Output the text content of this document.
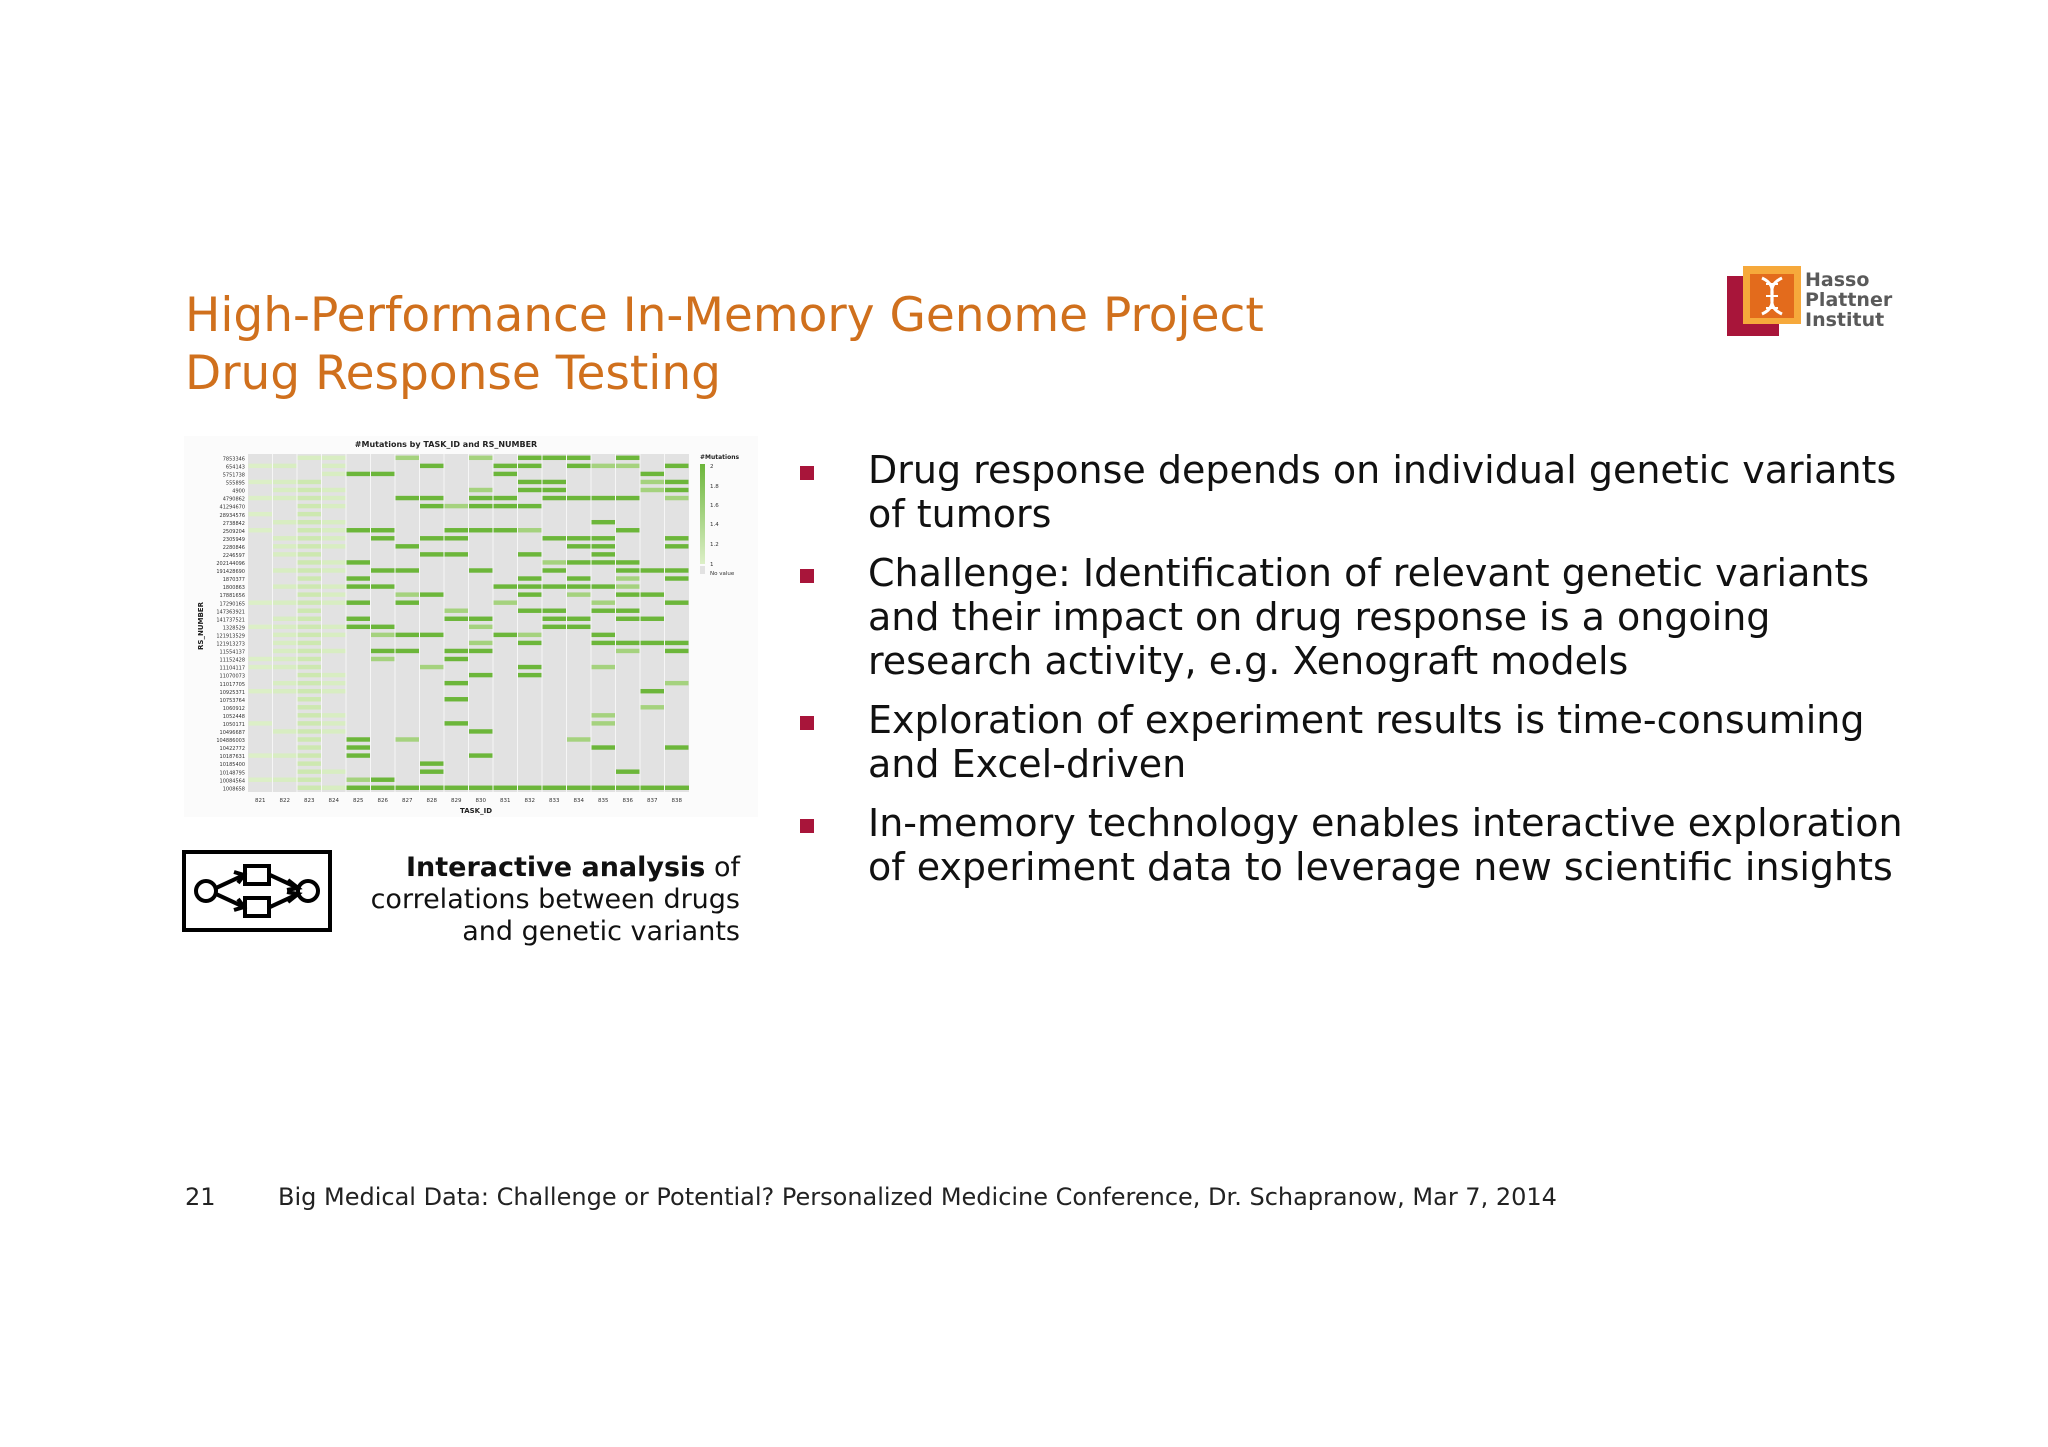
High-Performance In-Memory Genome Project
Drug Response Testing
Hasso
Plattner
Institut
#Mutations by TASK_ID and RS_NUMBER
RS_NUMBER
TASK_ID
#Mutations
7853346
654143
5751738
555895
4900
4790862
41294670
28934576
2738842
2509204
2305949
2280846
2246597
202144096
191428690
1870377
1800863
17881656
17290165
147363921
141737521
1328529
121913529
121913273
11554137
11152428
11104117
11070073
11017705
10925371
10753764
1060912
1052448
1050171
10496687
104886003
10422772
10187631
10185400
10148795
10084564
1008658
821	822	823	824	825	826	827	828	829	830	831	832	833	834	835	836	837	838
2
1.8
1.6
1.4
1.2
1
No value
Interactive analysis of correlations between drugs and genetic variants
Drug response depends on individual genetic variants of tumors
Challenge: Identification of relevant genetic variants and their impact on drug response is a ongoing research activity, e.g. Xenograft models
Exploration of experiment results is time-consuming and Excel-driven
In-memory technology enables interactive exploration of experiment data to leverage new scientific insights
21	Big Medical Data: Challenge or Potential? Personalized Medicine Conference, Dr. Schapranow, Mar 7, 2014
